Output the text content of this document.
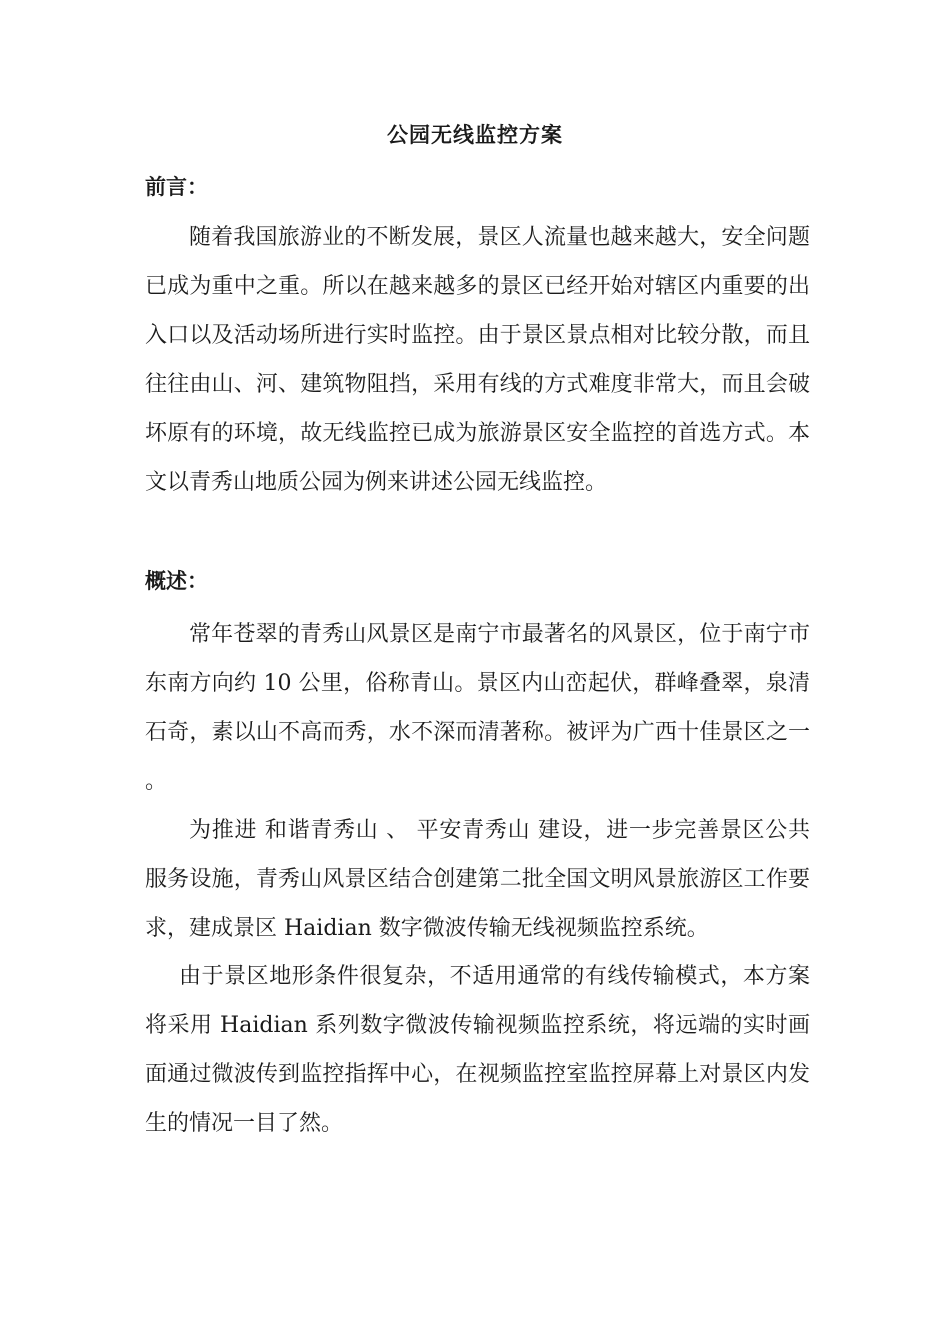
公园无线监控方案
前言：

随着我国旅游业的不断发展，景区人流量也越来越大，安全问题已成为重中之重。所以在越来越多的景区已经开始对辖区内重要的出入口以及活动场所进行实时监控。由于景区景点相对比较分散，而且往往由山、河、建筑物阻挡，采用有线的方式难度非常大，而且会破坏原有的环境，故无线监控已成为旅游景区安全监控的首选方式。本文以青秀山地质公园为例来讲述公园无线监控。

概述：

常年苍翠的青秀山风景区是南宁市最著名的风景区，位于南宁市东南方向约 10 公里，俗称青山。景区内山峦起伏，群峰叠翠，泉清石奇，素以山不高而秀，水不深而清著称。被评为广西十佳景区之一 。

为推进 和谐青秀山 、 平安青秀山 建设，进一步完善景区公共服务设施，青秀山风景区结合创建第二批全国文明风景旅游区工作要求，建成景区 Haidian 数字微波传输无线视频监控系统。

由于景区地形条件很复杂，不适用通常的有线传输模式，本方案将采用 Haidian 系列数字微波传输视频监控系统，将远端的实时画面通过微波传到监控指挥中心，在视频监控室监控屏幕上对景区内发生的情况一目了然。
